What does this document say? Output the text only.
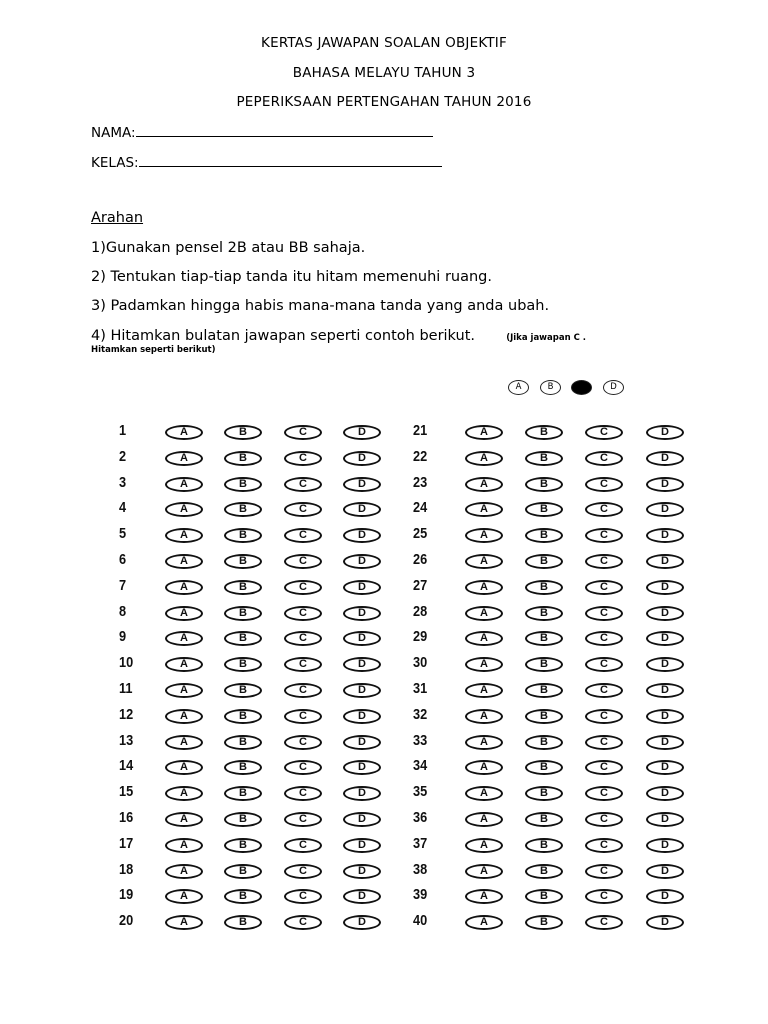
KERTAS JAWAPAN SOALAN OBJEKTIF
BAHASA MELAYU TAHUN 3
PEPERIKSAAN PERTENGAHAN TAHUN 2016
NAMA:
KELAS:
Arahan
1)Gunakan pensel 2B atau BB sahaja.
2) Tentukan tiap-tiap tanda itu hitam memenuhi ruang.
3) Padamkan hingga habis mana-mana tanda yang anda ubah.
4) Hitamkan bulatan jawapan seperti contoh berikut.	(Jika jawapan C .
Hitamkan seperti berikut)
A	B	D
1	A	B	C	D
2	A	B	C	D
3	A	B	C	D
4	A	B	C	D
5	A	B	C	D
6	A	B	C	D
7	A	B	C	D
8	A	B	C	D
9	A	B	C	D
10	A	B	C	D
11	A	B	C	D
12	A	B	C	D
13	A	B	C	D
14	A	B	C	D
15	A	B	C	D
16	A	B	C	D
17	A	B	C	D
18	A	B	C	D
19	A	B	C	D
20	A	B	C	D
21	A	B	C	D
22	A	B	C	D
23	A	B	C	D
24	A	B	C	D
25	A	B	C	D
26	A	B	C	D
27	A	B	C	D
28	A	B	C	D
29	A	B	C	D
30	A	B	C	D
31	A	B	C	D
32	A	B	C	D
33	A	B	C	D
34	A	B	C	D
35	A	B	C	D
36	A	B	C	D
37	A	B	C	D
38	A	B	C	D
39	A	B	C	D
40	A	B	C	D
